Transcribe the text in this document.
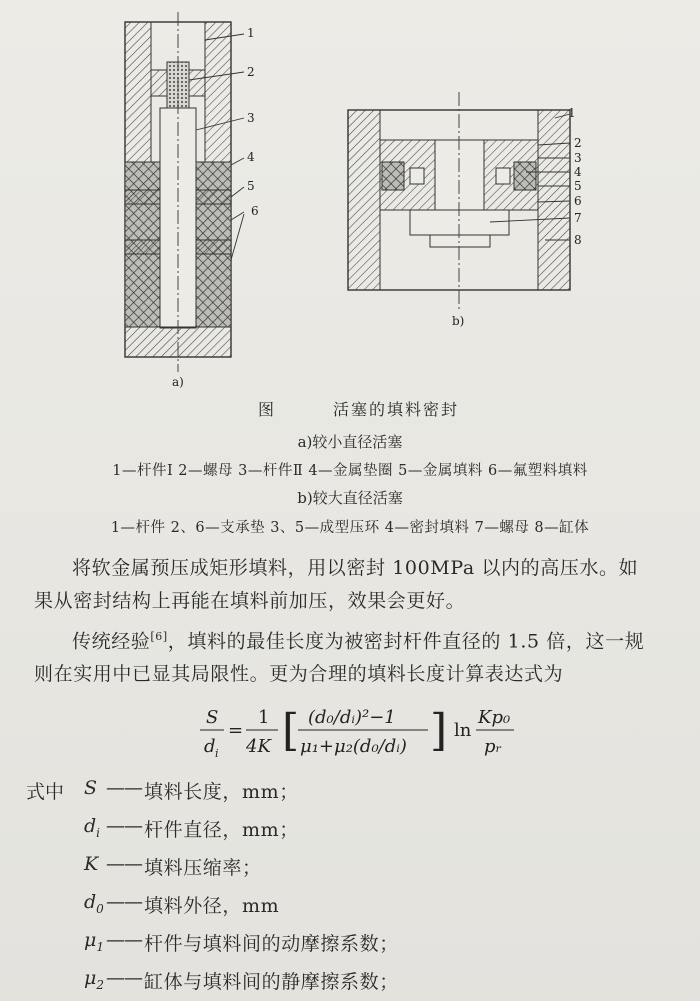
1
2
3
4
5
6
a)
1
2
3
4
5
6
7
8
b)
图	活塞的填料密封
a)较小直径活塞
1—杆件Ⅰ 2—螺母 3—杆件Ⅱ 4—金属垫圈 5—金属填料 6—氟塑料填料
b)较大直径活塞
1—杆件 2、6—支承垫 3、5—成型压环 4—密封填料 7—螺母 8—缸体
将软金属预压成矩形填料，用以密封 100MPa 以内的高压水。如
果从密封结构上再能在填料前加压，效果会更好。
传统经验[6]，填料的最佳长度为被密封杆件直径的 1.5 倍，这一规
则在实用中已显其局限性。更为合理的填料长度计算表达式为
S
d i
=
1
4K [ (d₀/dᵢ)²−1
μ₁+μ₂(d₀/dᵢ) ] ln
Kp₀
pᵣ
式中 S —— 填料长度，mm；
$d_i$ —— 杆件直径，mm；
K —— 填料压缩率；
$d_0$ —— 填料外径，mm
$\mu_1$ —— 杆件与填料间的动摩擦系数；
$\mu_2$ —— 缸体与填料间的静摩擦系数；
